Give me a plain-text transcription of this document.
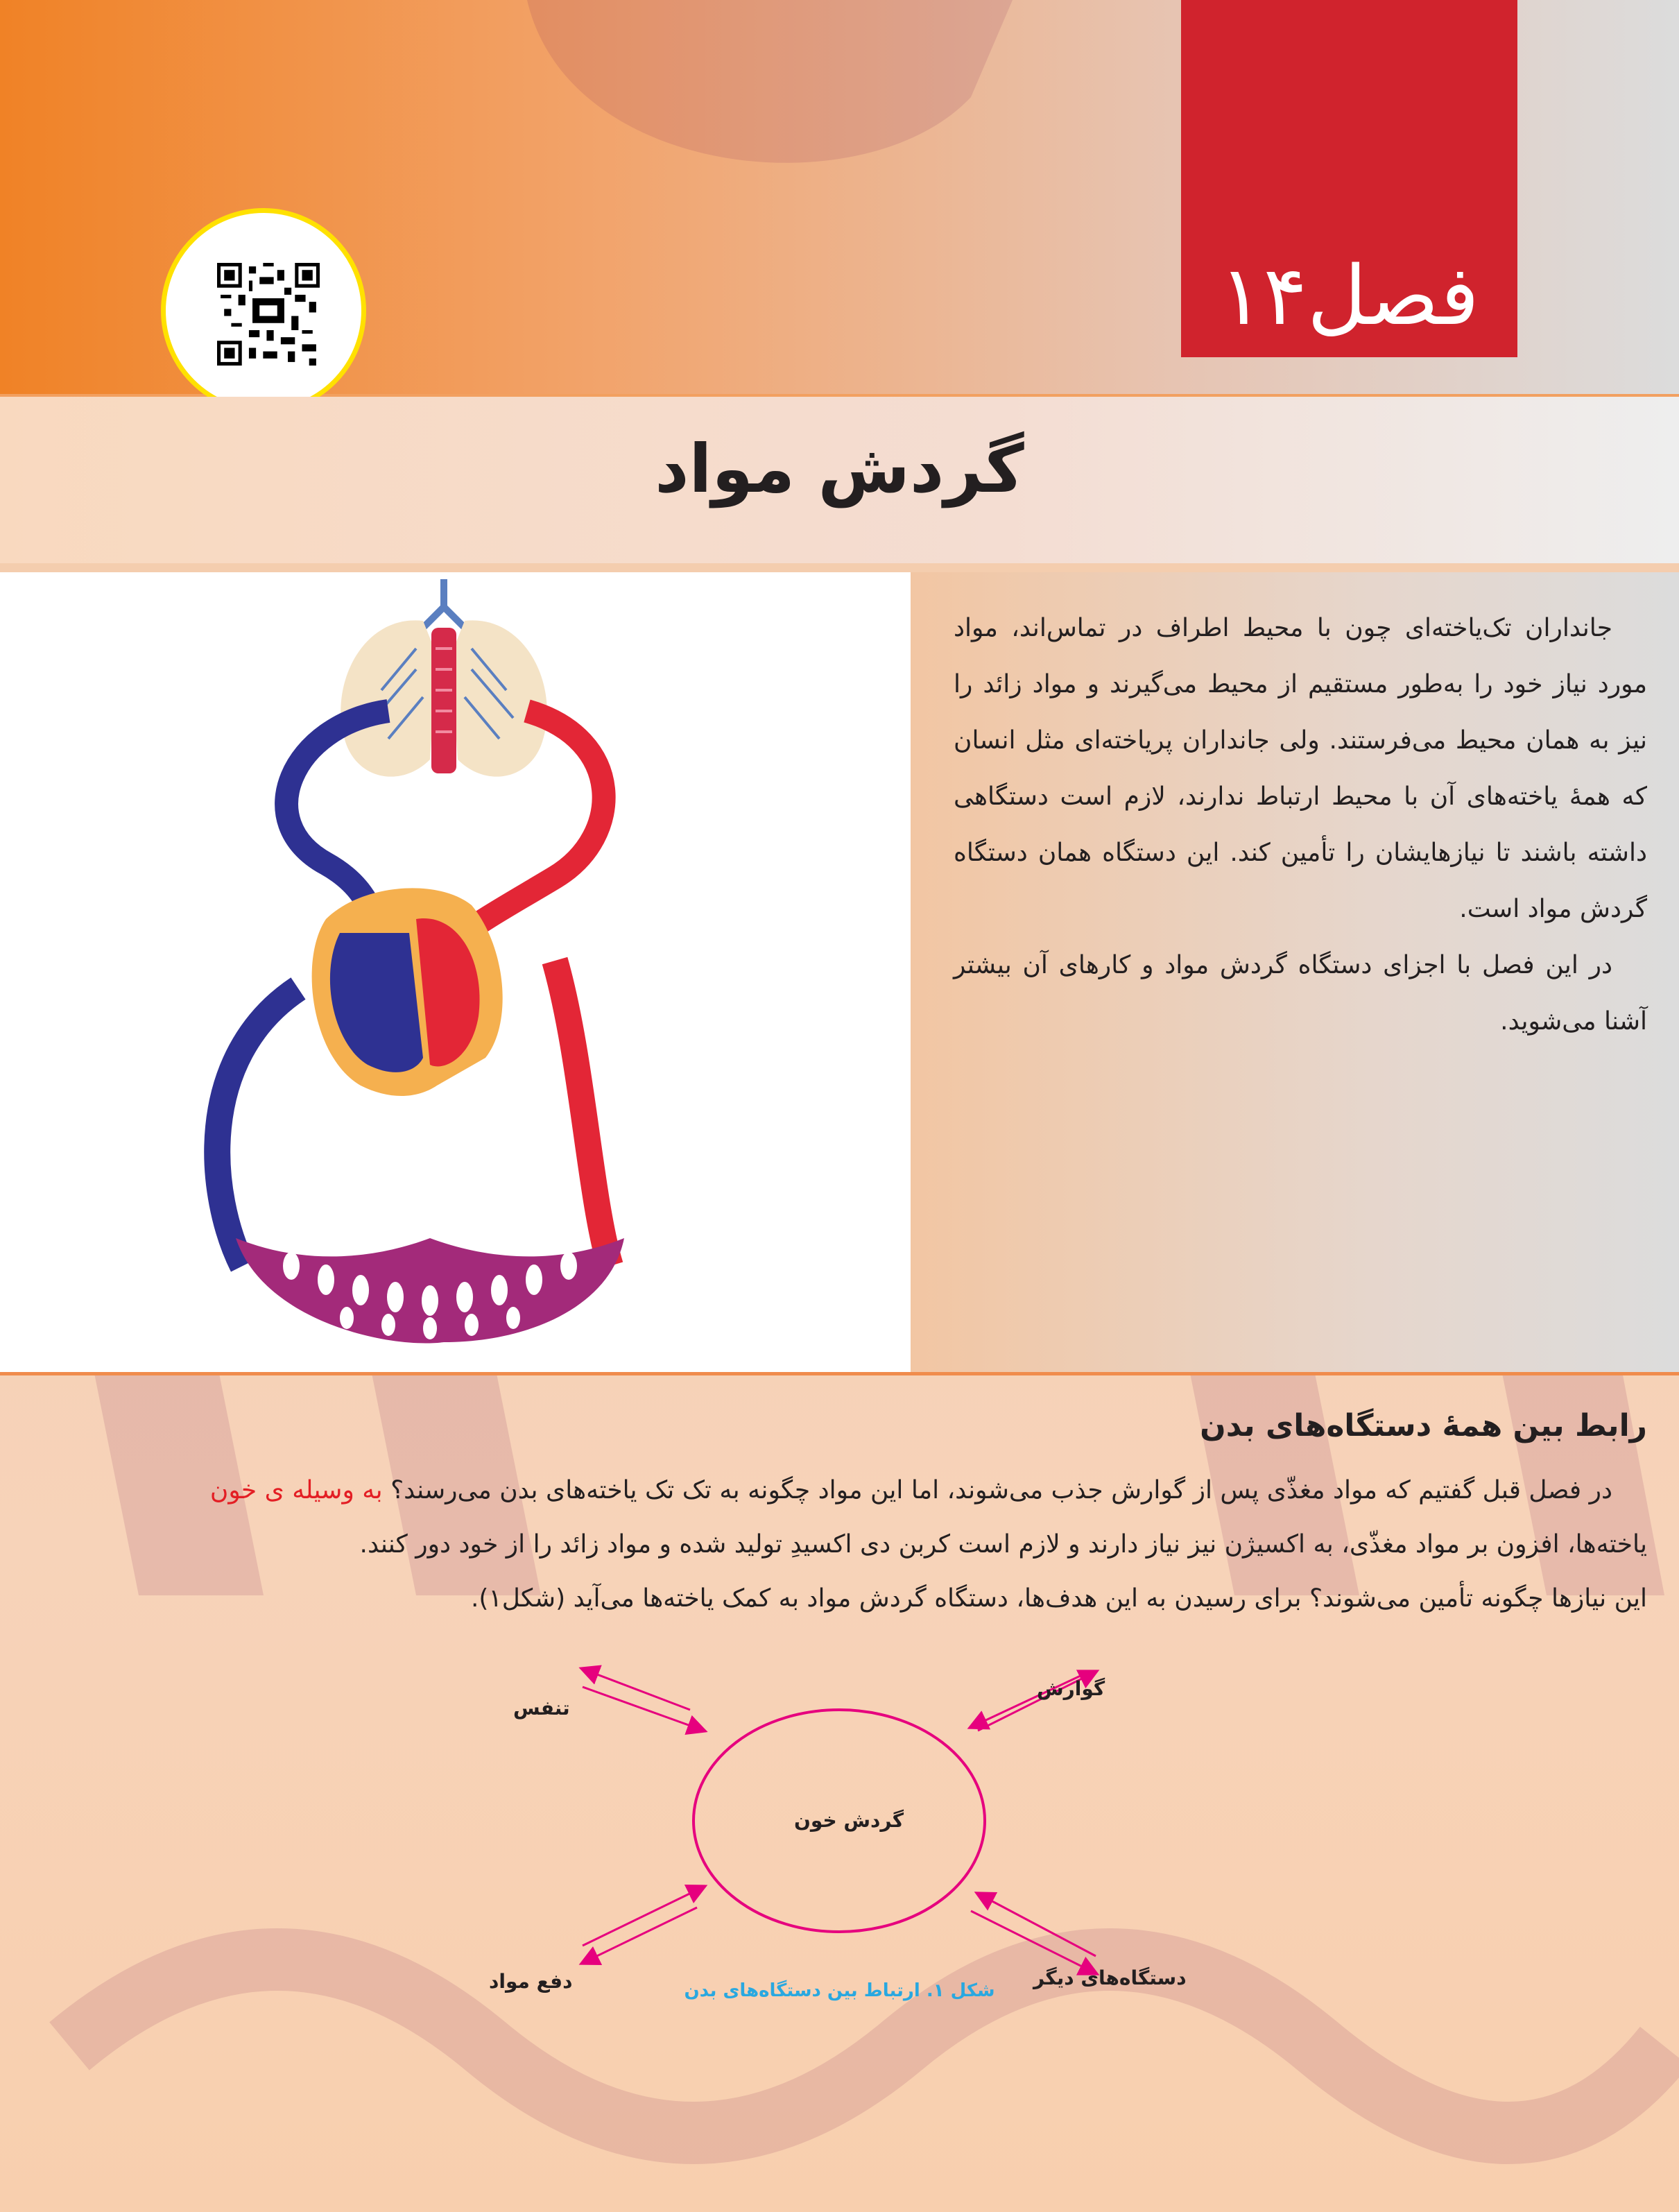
فصل۱۴
گردش مواد

جانداران تک‌یاخته‌ای چون با محیط اطراف در تماس‌اند، مواد مورد نیاز خود را به‌طور مستقیم از محیط می‌گیرند و مواد زائد را نیز به همان محیط می‌فرستند. ولی جانداران پریاخته‌ای مثل انسان که همهٔ یاخته‌های آن با محیط ارتباط ندارند، لازم است دستگاهی داشته باشند تا نیازهایشان را تأمین کند. این دستگاه همان دستگاه گردش مواد است.

در این فصل با اجزای دستگاه گردش مواد و کارهای آن بیشتر آشنا می‌شوید.

رابط بین همهٔ دستگاه‌های بدن

در فصل قبل گفتیم که مواد مغذّی پس از گوارش جذب می‌شوند، اما این مواد چگونه به تک تک یاخته‌های بدن می‌رسند؟ به وسیله ی خون

یاخته‌ها، افزون بر مواد مغذّی، به اکسیژن نیز نیاز دارند و لازم است کربن دی اکسیدِ تولید شده و مواد زائد را از خود دور کنند.

این نیازها چگونه تأمین می‌شوند؟ برای رسیدن به این هدف‌ها، دستگاه گردش مواد به کمک یاخته‌ها می‌آید (شکل۱).

گردش خون
تنفس
گوارش
دفع مواد	دستگاه‌های دیگر
شکل ۱. ارتباط بین دستگاه‌های بدن
